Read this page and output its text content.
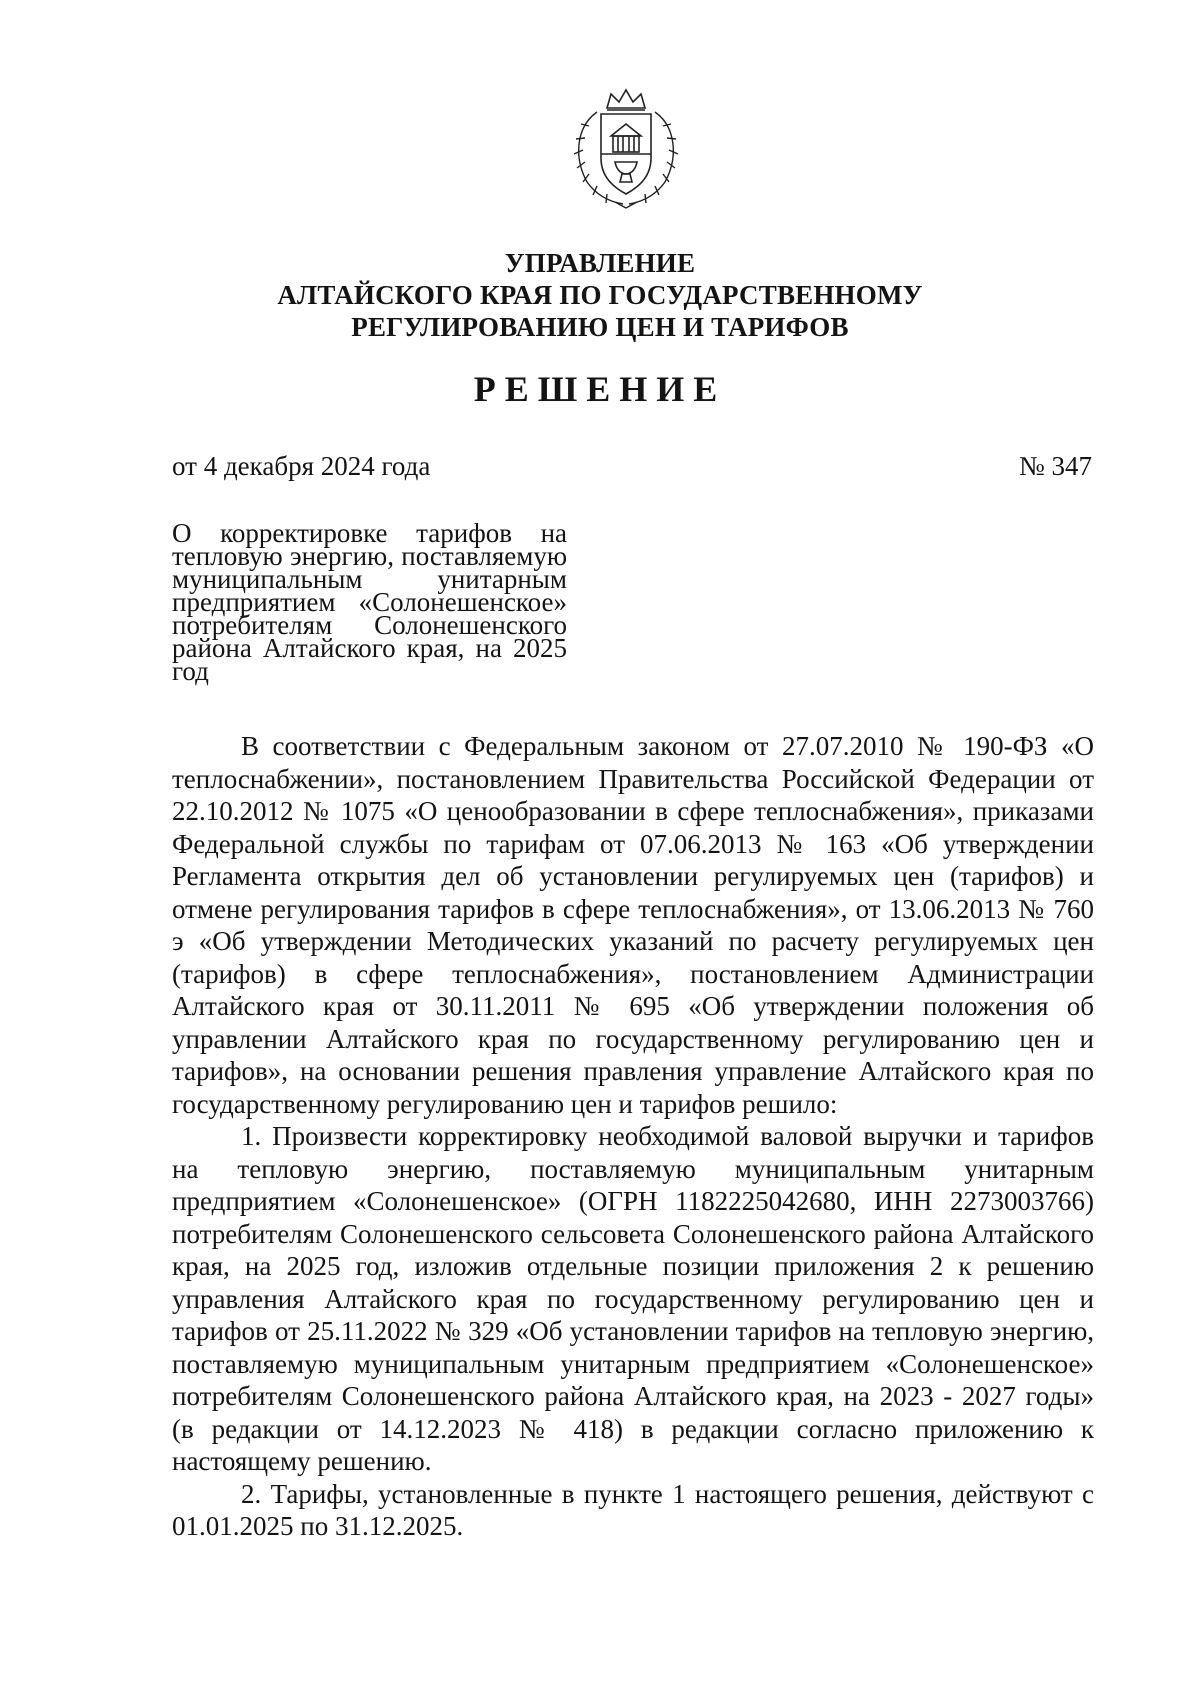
УПРАВЛЕНИЕ
АЛТАЙСКОГО КРАЯ ПО ГОСУДАРСТВЕННОМУ
РЕГУЛИРОВАНИЮ ЦЕН И ТАРИФОВ
РЕШЕНИЕ
от 4 декабря 2024 года	№ 347
О корректировке тарифов на тепловую энергию, поставляемую муниципальным унитарным предприятием «Солонешенское» потребителям Солонешенского района Алтайского края, на 2025 год

В соответствии с Федеральным законом от 27.07.2010 № 190-ФЗ «О теплоснабжении», постановлением Правительства Российской Федерации от 22.10.2012 № 1075 «О ценообразовании в сфере теплоснабжения», приказами Федеральной службы по тарифам от 07.06.2013 № 163 «Об утверждении Регламента открытия дел об установлении регулируемых цен (тарифов) и отмене регулирования тарифов в сфере теплоснабжения», от 13.06.2013 № 760 э «Об утверждении Методических указаний по расчету регулируемых цен (тарифов) в сфере теплоснабжения», постановлением Администрации Алтайского края от 30.11.2011 № 695 «Об утверждении положения об управлении Алтайского края по государственному регулированию цен и тарифов», на основании решения правления управление Алтайского края по государственному регулированию цен и тарифов решило:

1. Произвести корректировку необходимой валовой выручки и тарифов на тепловую энергию, поставляемую муниципальным унитарным предприятием «Солонешенское» (ОГРН 1182225042680, ИНН 2273003766) потребителям Солонешенского сельсовета Солонешенского района Алтайского края, на 2025 год, изложив отдельные позиции приложения 2 к решению управления Алтайского края по государственному регулированию цен и тарифов от 25.11.2022 № 329 «Об установлении тарифов на тепловую энергию, поставляемую муниципальным унитарным предприятием «Солонешенское» потребителям Солонешенского района Алтайского края, на 2023 - 2027 годы» (в редакции от 14.12.2023 № 418) в редакции согласно приложению к настоящему решению.

2. Тарифы, установленные в пункте 1 настоящего решения, действуют с 01.01.2025 по 31.12.2025.
